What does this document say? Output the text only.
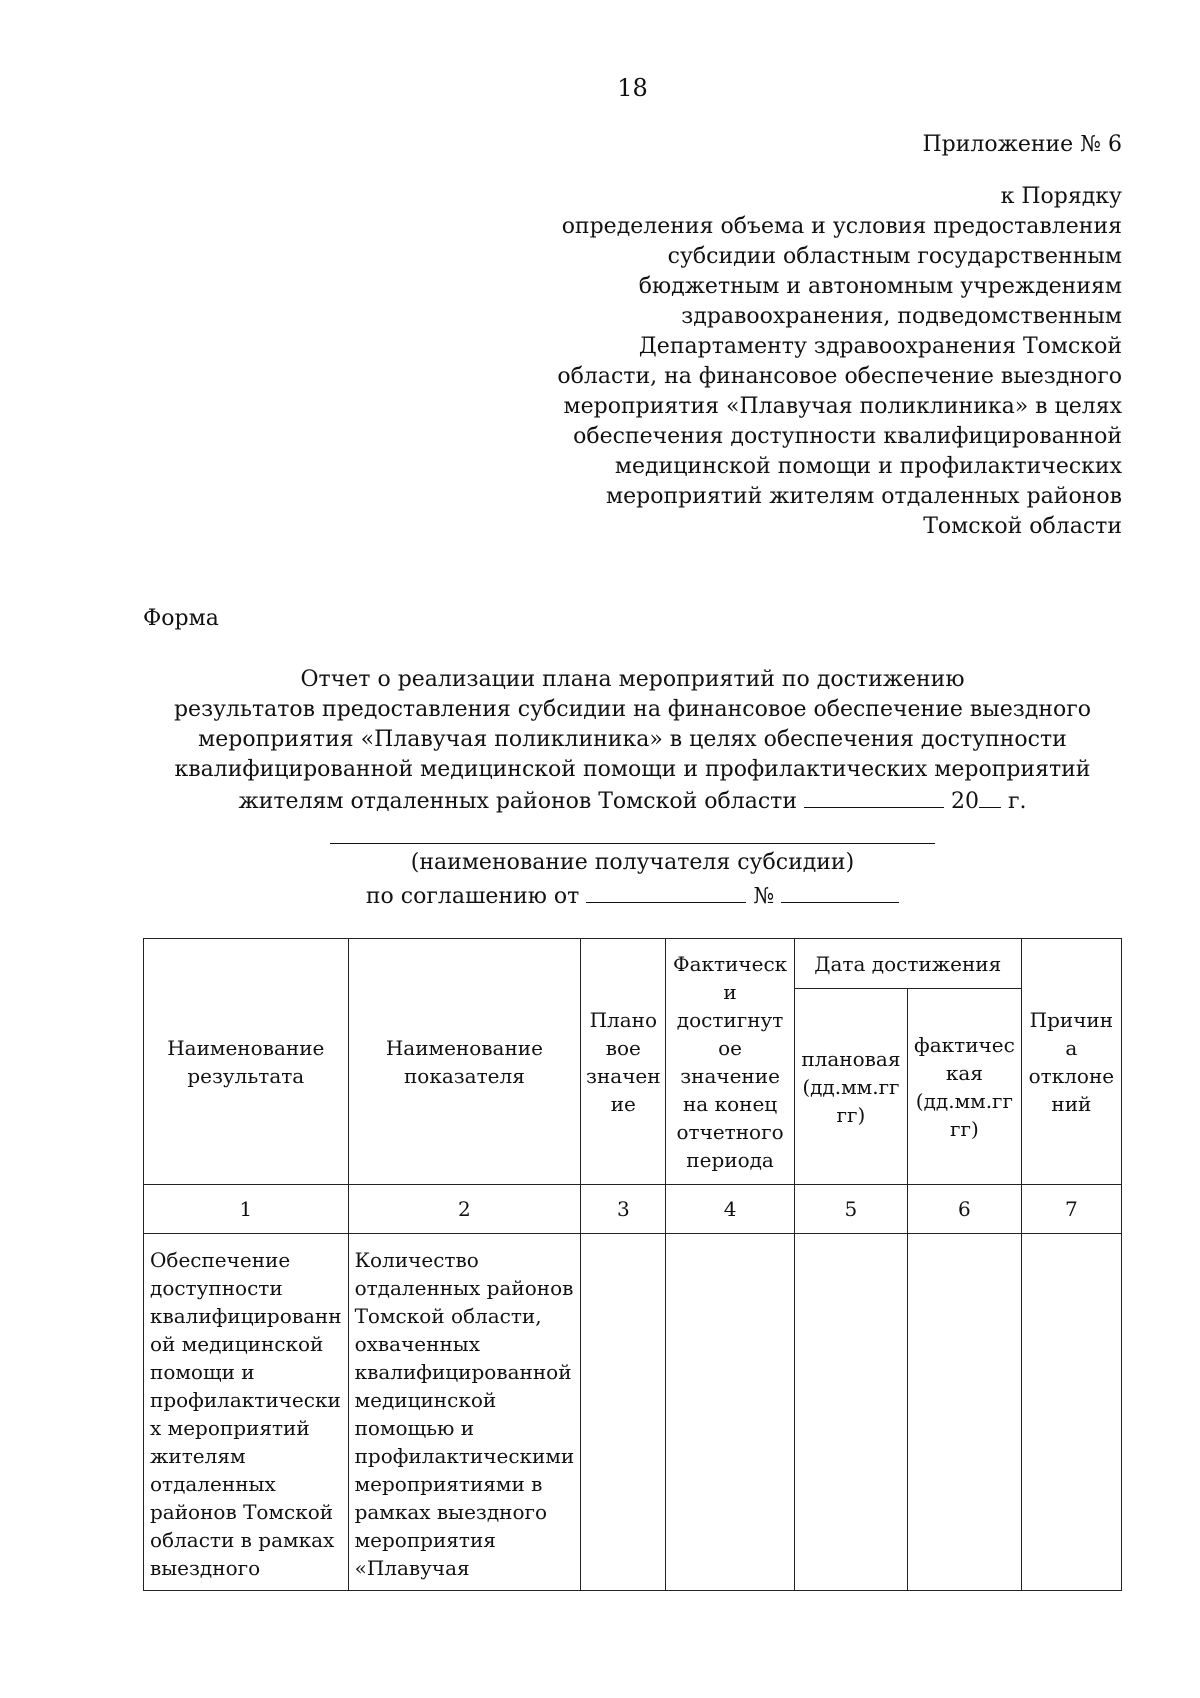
18
Приложение № 6
к Порядку
определения объема и условия предоставления
субсидии областным государственным
бюджетным и автономным учреждениям
здравоохранения, подведомственным
Департаменту здравоохранения Томской
области, на финансовое обеспечение выездного
мероприятия «Плавучая поликлиника» в целях
обеспечения доступности квалифицированной
медицинской помощи и профилактических
мероприятий жителям отдаленных районов
Томской области
Форма
Отчет о реализации плана мероприятий по достижению
результатов предоставления субсидии на финансовое обеспечение выездного
мероприятия «Плавучая поликлиника» в целях обеспечения доступности
квалифицированной медицинской помощи и профилактических мероприятий
жителям отдаленных районов Томской области	20 г.
(наименование получателя субсидии)
по соглашению от	№
Наименование результата	Наименование показателя	Плано вое значен ие	Фактическ и достигнут ое значение на конец отчетного периода	Дата достижения		Причин а отклоне ний
				плановая (дд.мм.гг гг)	фактичес кая (дд.мм.гг гг)	
1	2	3	4	5	6	7
Обеспечение доступности квалифицированн ой медицинской помощи и профилактически х мероприятий жителям отдаленных районов Томской области в рамках выездного	Количество отдаленных районов Томской области, охваченных квалифицированной медицинской помощью и профилактическими мероприятиями в рамках выездного мероприятия «Плавучая					
